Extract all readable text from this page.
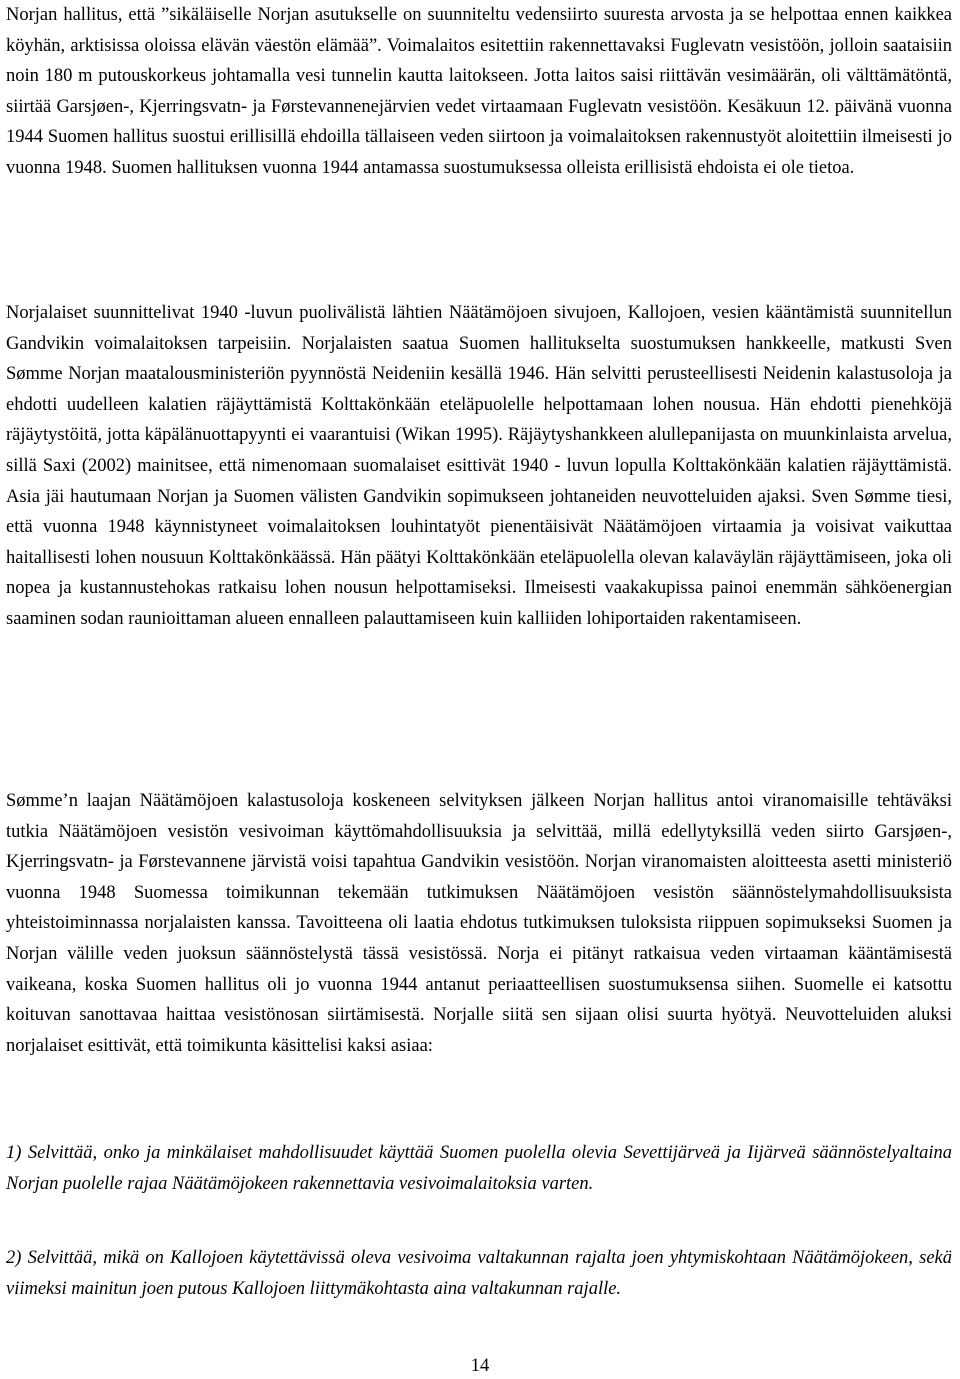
Norjan hallitus, että ”sikäläiselle Norjan asutukselle on suunniteltu vedensiirto suuresta arvosta ja se helpottaa ennen kaikkea köyhän, arktisissa oloissa elävän väestön elämää”. Voimalaitos esitettiin rakennettavaksi Fuglevatn vesistöön, jolloin saataisiin noin 180 m putouskorkeus johtamalla vesi tunnelin kautta laitokseen. Jotta laitos saisi riittävän vesimäärän, oli välttämätöntä, siirtää Garsjøen-, Kjerringsvatn- ja Førstevannenejärvien vedet virtaamaan Fuglevatn vesistöön. Kesäkuun 12. päivänä vuonna 1944 Suomen hallitus suostui erillisillä ehdoilla tällaiseen veden siirtoon ja voimalaitoksen rakennustyöt aloitettiin ilmeisesti jo vuonna 1948. Suomen hallituksen vuonna 1944 antamassa suostumuksessa olleista erillisistä ehdoista ei ole tietoa.

Norjalaiset suunnittelivat 1940 -luvun puolivälistä lähtien Näätämöjoen sivujoen, Kallojoen, vesien kääntämistä suunnitellun Gandvikin voimalaitoksen tarpeisiin. Norjalaisten saatua Suomen hallitukselta suostumuksen hankkeelle, matkusti Sven Sømme Norjan maatalousministeriön pyynnöstä Neideniin kesällä 1946. Hän selvitti perusteellisesti Neidenin kalastusoloja ja ehdotti uudelleen kalatien räjäyttämistä Kolttakönkään eteläpuolelle helpottamaan lohen nousua. Hän ehdotti pienehköjä räjäytystöitä, jotta käpälänuottapyynti ei vaarantuisi (Wikan 1995). Räjäytyshankkeen alullepanijasta on muunkinlaista arvelua, sillä Saxi (2002) mainitsee, että nimenomaan suomalaiset esittivät 1940 - luvun lopulla Kolttakönkään kalatien räjäyttämistä. Asia jäi hautumaan Norjan ja Suomen välisten Gandvikin sopimukseen johtaneiden neuvotteluiden ajaksi. Sven Sømme tiesi, että vuonna 1948 käynnistyneet voimalaitoksen louhintatyöt pienentäisivät Näätämöjoen virtaamia ja voisivat vaikuttaa haitallisesti lohen nousuun Kolttakönkäässä. Hän päätyi Kolttakönkään eteläpuolella olevan kalaväylän räjäyttämiseen, joka oli nopea ja kustannustehokas ratkaisu lohen nousun helpottamiseksi. Ilmeisesti vaakakupissa painoi enemmän sähköenergian saaminen sodan raunioittaman alueen ennalleen palauttamiseen kuin kalliiden lohiportaiden rakentamiseen.

Sømme’n laajan Näätämöjoen kalastusoloja koskeneen selvityksen jälkeen Norjan hallitus antoi viranomaisille tehtäväksi tutkia Näätämöjoen vesistön vesivoiman käyttömahdollisuuksia ja selvittää, millä edellytyksillä veden siirto Garsjøen-, Kjerringsvatn- ja Førstevannene järvistä voisi tapahtua Gandvikin vesistöön. Norjan viranomaisten aloitteesta asetti ministeriö vuonna 1948 Suomessa toimikunnan tekemään tutkimuksen Näätämöjoen vesistön säännöstelymahdollisuuksista yhteistoiminnassa norjalaisten kanssa. Tavoitteena oli laatia ehdotus tutkimuksen tuloksista riippuen sopimukseksi Suomen ja Norjan välille veden juoksun säännöstelystä tässä vesistössä. Norja ei pitänyt ratkaisua veden virtaaman kääntämisestä vaikeana, koska Suomen hallitus oli jo vuonna 1944 antanut periaatteellisen suostumuksensa siihen. Suomelle ei katsottu koituvan sanottavaa haittaa vesistönosan siirtämisestä. Norjalle siitä sen sijaan olisi suurta hyötyä. Neuvotteluiden aluksi norjalaiset esittivät, että toimikunta käsittelisi kaksi asiaa:

1) Selvittää, onko ja minkälaiset mahdollisuudet käyttää Suomen puolella olevia Sevettijärveä ja Iijärveä säännöstelyaltaina Norjan puolelle rajaa Näätämöjokeen rakennettavia vesivoimalaitoksia varten.

2) Selvittää, mikä on Kallojoen käytettävissä oleva vesivoima valtakunnan rajalta joen yhtymiskohtaan Näätämöjokeen, sekä viimeksi mainitun joen putous Kallojoen liittymäkohtasta aina valtakunnan rajalle.

14
